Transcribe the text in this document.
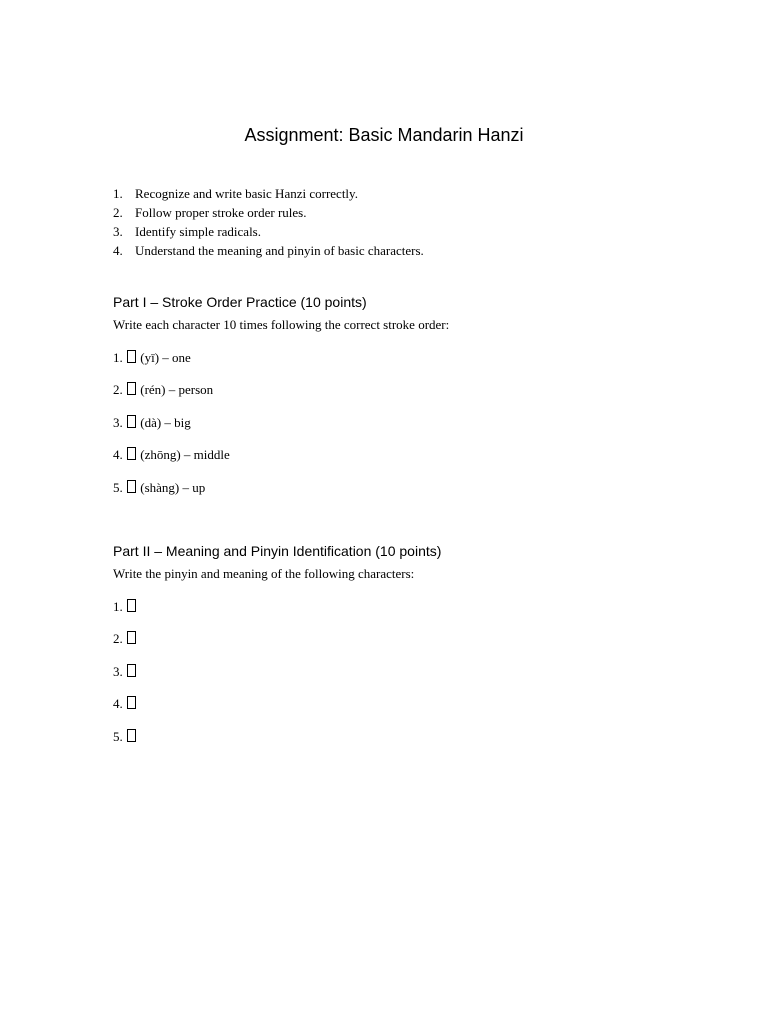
Assignment: Basic Mandarin Hanzi
1. Recognize and write basic Hanzi correctly.
2. Follow proper stroke order rules.
3. Identify simple radicals.
4. Understand the meaning and pinyin of basic characters.
Part I – Stroke Order Practice (10 points)

Write each character 10 times following the correct stroke order:

1. (yī) – one
2. (rén) – person
3. (dà) – big
4. (zhōng) – middle
5. (shàng) – up
Part II – Meaning and Pinyin Identification (10 points)

Write the pinyin and meaning of the following characters:

1.
2.
3.
4.
5.
